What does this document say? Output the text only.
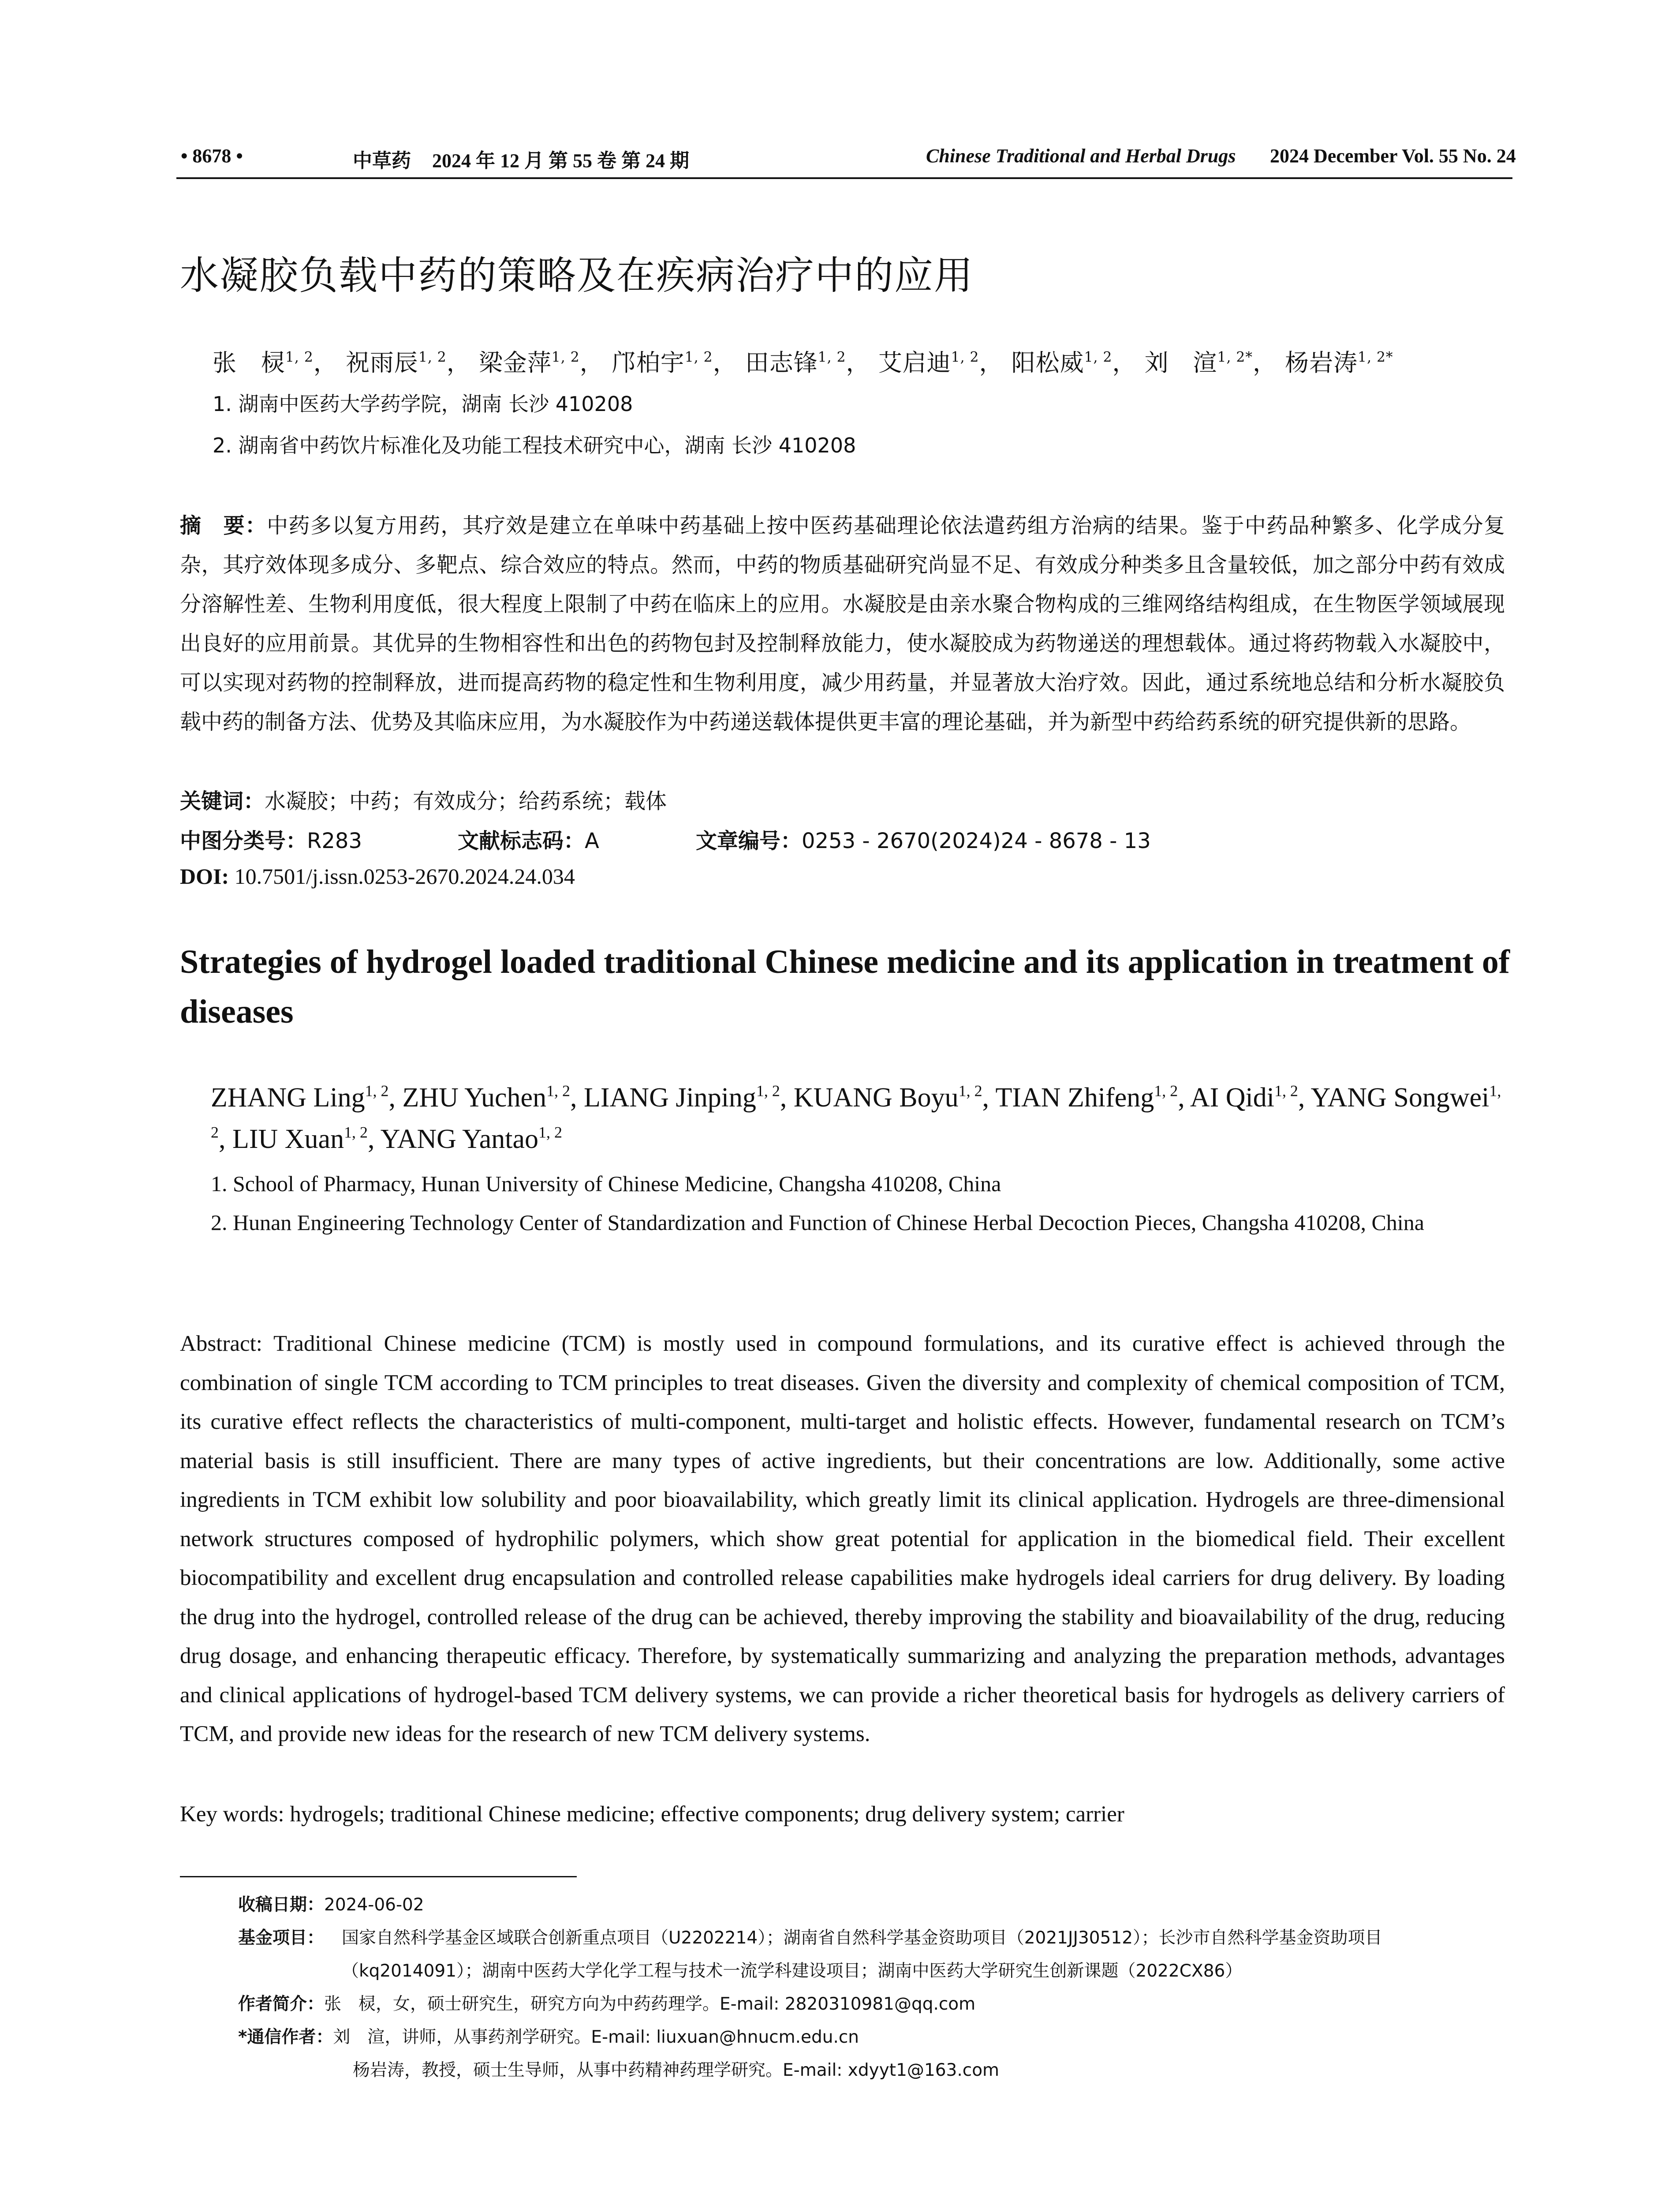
• 8678 •	中草药 2024 年 12 月 第 55 卷 第 24 期	Chinese Traditional and Herbal Drugs 2024 December Vol. 55 No. 24
水凝胶负载中药的策略及在疾病治疗中的应用
张　棂$^{1, 2}$， 祝雨辰$^{1, 2}$， 梁金萍$^{1, 2}$， 邝柏宇$^{1, 2}$， 田志锋$^{1, 2}$， 艾启迪$^{1, 2}$， 阳松威$^{1, 2}$， 刘　渲$^{1, 2*}$， 杨岩涛$^{1, 2*}$
1. 湖南中医药大学药学院，湖南 长沙 410208
2. 湖南省中药饮片标准化及功能工程技术研究中心，湖南 长沙 410208
摘　要：中药多以复方用药，其疗效是建立在单味中药基础上按中医药基础理论依法遣药组方治病的结果。鉴于中药品种繁多、化学成分复杂，其疗效体现多成分、多靶点、综合效应的特点。然而，中药的物质基础研究尚显不足、有效成分种类多且含量较低，加之部分中药有效成分溶解性差、生物利用度低，很大程度上限制了中药在临床上的应用。水凝胶是由亲水聚合物构成的三维网络结构组成，在生物医学领域展现出良好的应用前景。其优异的生物相容性和出色的药物包封及控制释放能力，使水凝胶成为药物递送的理想载体。通过将药物载入水凝胶中，可以实现对药物的控制释放，进而提高药物的稳定性和生物利用度，减少用药量，并显著放大治疗效。因此，通过系统地总结和分析水凝胶负载中药的制备方法、优势及其临床应用，为水凝胶作为中药递送载体提供更丰富的理论基础，并为新型中药给药系统的研究提供新的思路。
关键词：水凝胶；中药；有效成分；给药系统；载体
中图分类号：R283	文献标志码：A	文章编号：0253 - 2670(2024)24 - 8678 - 13
DOI: 10.7501/j.issn.0253-2670.2024.24.034
Strategies of hydrogel loaded traditional Chinese medicine and its application in treatment of diseases
ZHANG Ling$^{1, 2}$, ZHU Yuchen$^{1, 2}$, LIANG Jinping$^{1, 2}$, KUANG Boyu$^{1, 2}$, TIAN Zhifeng$^{1, 2}$, AI Qidi$^{1, 2}$, YANG Songwei$^{1, 2}$, LIU Xuan$^{1, 2}$, YANG Yantao$^{1, 2}$
1. School of Pharmacy, Hunan University of Chinese Medicine, Changsha 410208, China
2. Hunan Engineering Technology Center of Standardization and Function of Chinese Herbal Decoction Pieces, Changsha 410208, China
Abstract: Traditional Chinese medicine (TCM) is mostly used in compound formulations, and its curative effect is achieved through the combination of single TCM according to TCM principles to treat diseases. Given the diversity and complexity of chemical composition of TCM, its curative effect reflects the characteristics of multi-component, multi-target and holistic effects. However, fundamental research on TCM’s material basis is still insufficient. There are many types of active ingredients, but their concentrations are low. Additionally, some active ingredients in TCM exhibit low solubility and poor bioavailability, which greatly limit its clinical application. Hydrogels are three-dimensional network structures composed of hydrophilic polymers, which show great potential for application in the biomedical field. Their excellent biocompatibility and excellent drug encapsulation and controlled release capabilities make hydrogels ideal carriers for drug delivery. By loading the drug into the hydrogel, controlled release of the drug can be achieved, thereby improving the stability and bioavailability of the drug, reducing drug dosage, and enhancing therapeutic efficacy. Therefore, by systematically summarizing and analyzing the preparation methods, advantages and clinical applications of hydrogel-based TCM delivery systems, we can provide a richer theoretical basis for hydrogels as delivery carriers of TCM, and provide new ideas for the research of new TCM delivery systems.
Key words: hydrogels; traditional Chinese medicine; effective components; drug delivery system; carrier
收稿日期：2024-06-02
基金项目： 国家自然科学基金区域联合创新重点项目（U2202214）；湖南省自然科学基金资助项目（2021JJ30512）；长沙市自然科学基金资助项目（kq2014091）；湖南中医药大学化学工程与技术一流学科建设项目；湖南中医药大学研究生创新课题（2022CX86）
作者简介：张　棂，女，硕士研究生，研究方向为中药药理学。E-mail: 2820310981@qq.com
*通信作者：刘　渲，讲师，从事药剂学研究。E-mail: liuxuan@hnucm.edu.cn
杨岩涛，教授，硕士生导师，从事中药精神药理学研究。E-mail: xdyyt1@163.com
